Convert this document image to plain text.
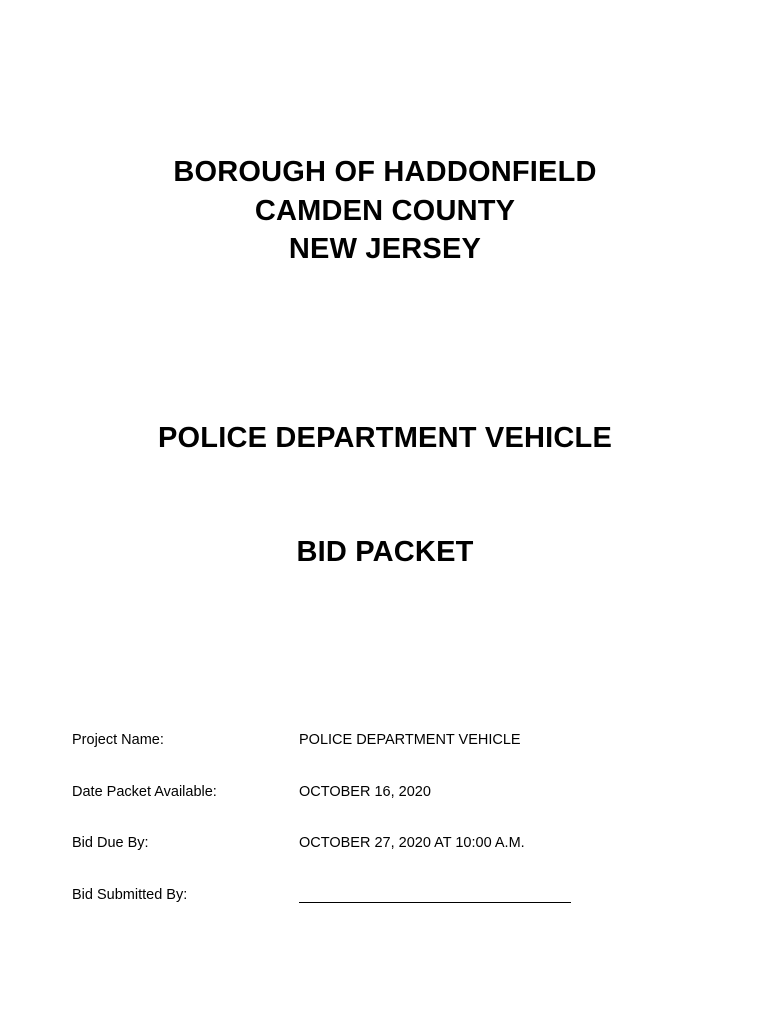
BOROUGH OF HADDONFIELD
CAMDEN COUNTY
NEW JERSEY
POLICE DEPARTMENT VEHICLE
BID PACKET
Project Name:	POLICE DEPARTMENT VEHICLE
Date Packet Available:	OCTOBER 16, 2020
Bid Due By:	OCTOBER 27, 2020 AT 10:00 A.M.
Bid Submitted By:
